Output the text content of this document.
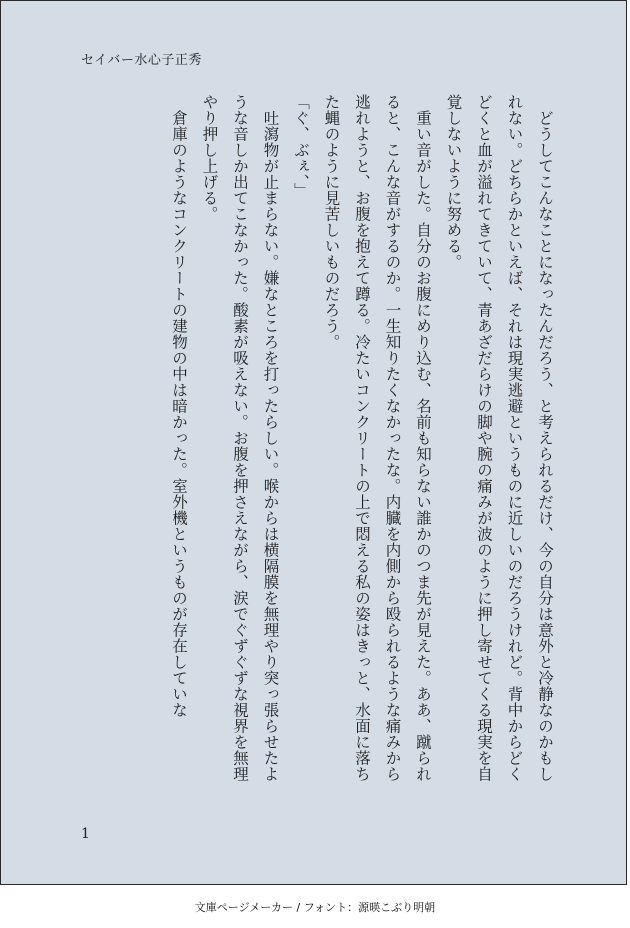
セイバー水心子正秀

どうしてこんなことになったんだろう、と考えられるだけ、今の自分は意外と冷静なのかもしれない。どちらかといえば、それは現実逃避というものに近しいのだろうけれど。背中からどくどくと血が溢れてきていて、青あざだらけの脚や腕の痛みが波のように押し寄せてくる現実を自覚しないように努める。

重い音がした。自分のお腹にめり込む、名前も知らない誰かのつま先が見えた。ああ、蹴られると、こんな音がするのか。一生知りたくなかったな。内臓を内側から殴られるような痛みから逃れようと、お腹を抱えて蹲る。冷たいコンクリートの上で悶える私の姿はきっと、水面に落ちた蝿のように見苦しいものだろう。

「ぐ、ぶぇ、」

吐瀉物が止まらない。嫌なところを打ったらしい。喉からは横隔膜を無理やり突っ張らせたような音しか出てこなかった。酸素が吸えない。お腹を押さえながら、涙でぐずぐずな視界を無理やり押し上げる。

倉庫のようなコンクリートの建物の中は暗かった。室外機というものが存在していな

1
文庫ページメーカー / フォント：源暎こぶり明朝
